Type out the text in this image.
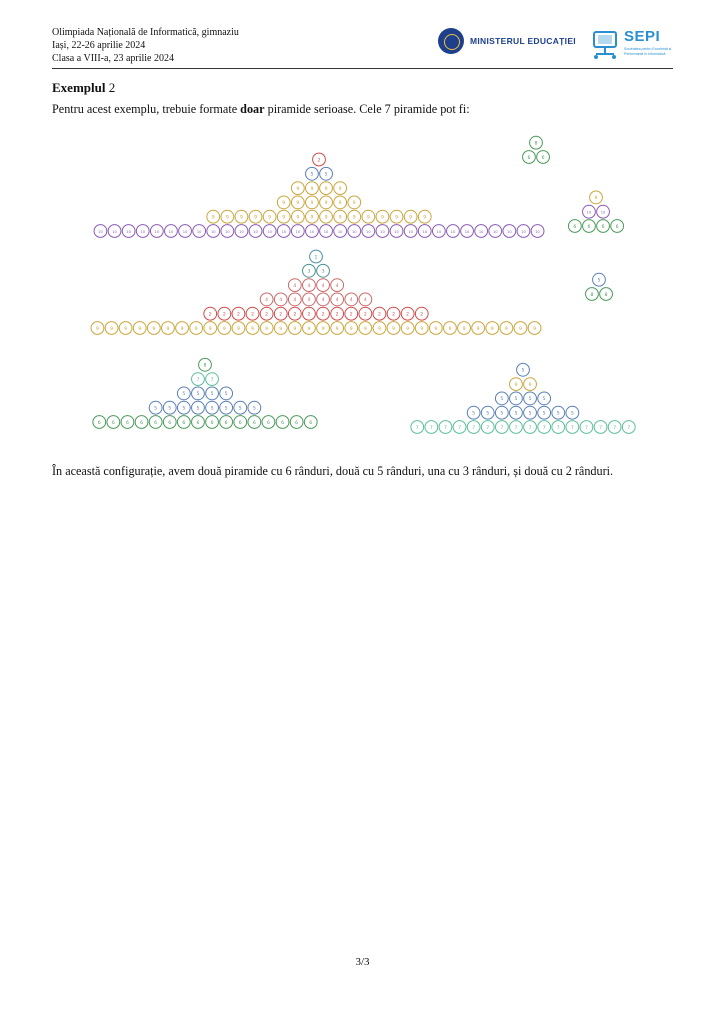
Olimpiada Națională de Informatică, gimnaziu
Iași, 22-26 aprilie 2024
Clasa a VIII-a, 23 aprilie 2024
MINISTERUL EDUCAȚIEI	SEPI
Societatea pentru Excelență și Performanță în Informatică
Exemplul 2
Pentru acest exemplu, trebuie formate doar piramide serioase. Cele 7 piramide pot fi:
2
5 5
9 9 9 9
9 9 9 9 9 9
9 9 9 9 9 9 9 9 9 9 9 9 9 9 9 9
10	10	10	10	10	10	10	10	10	10	10	10	10	10	10	10	10	10	10	10	10	10	10	10	10	10	10	10	10	10	10	10
8
6 6
9
10	10
6 6 6 6
1
3 3
4 4 4 4
4 4 4 4 4 4 4 4
2 2 2 2 2 2 2 2 2 2 2 2 2 2 2 2
9 9 9 9 9 9 9 9 9 9 9 9 9 9 9 9 9 9 9 9 9 9 9 9 9 9 9 9 9 9 9 9
5
8 8
8
7 7
5 5 5 5
5 5 5 5 5 5 5 5
6 6 6 6 6 6 6 6 6 6 6 6 6 6 6 6
5
9 9
5 5 5 5
5 5 5 5 5 5 5 5
7 7 7 7 7 7 7 7 7 7 7 7 7 7 7 7
În această configurație, avem două piramide cu 6 rânduri, două cu 5 rânduri, una cu 3 rânduri, și două cu 2 rânduri.
3/3
